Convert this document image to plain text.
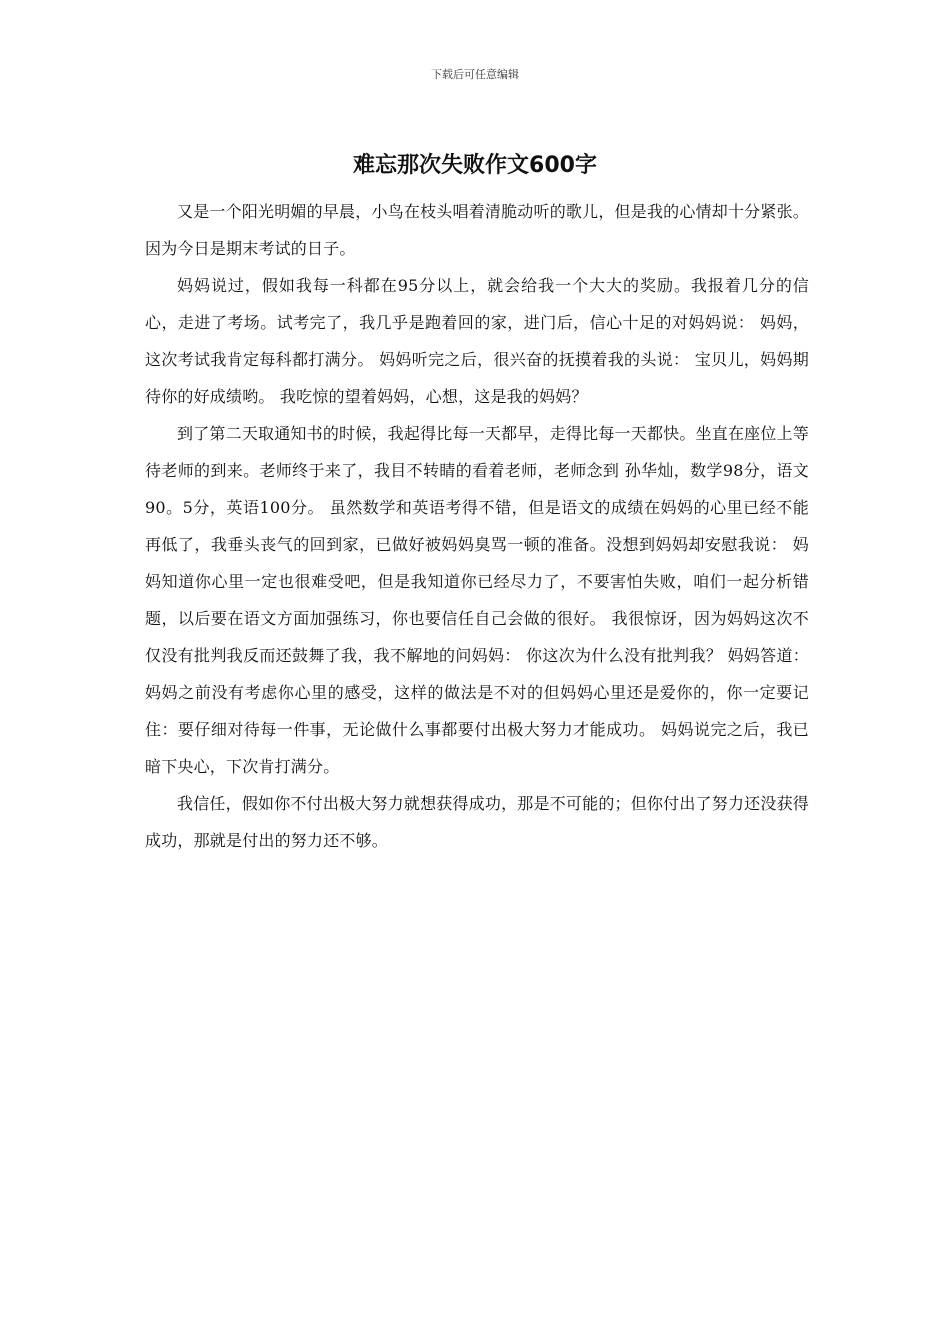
下载后可任意编辑
难忘那次失败作文600字

又是一个阳光明媚的早晨，小鸟在枝头唱着清脆动听的歌儿，但是我的心情却十分紧张。因为今日是期末考试的日子。

妈妈说过，假如我每一科都在95分以上，就会给我一个大大的奖励。我报着几分的信心，走进了考场。试考完了，我几乎是跑着回的家，进门后，信心十足的对妈妈说： 妈妈，这次考试我肯定每科都打满分。 妈妈听完之后，很兴奋的抚摸着我的头说： 宝贝儿，妈妈期待你的好成绩哟。 我吃惊的望着妈妈，心想，这是我的妈妈？

到了第二天取通知书的时候，我起得比每一天都早，走得比每一天都快。坐直在座位上等待老师的到来。老师终于来了，我目不转睛的看着老师，老师念到 孙华灿，数学98分，语文90。5分，英语100分。 虽然数学和英语考得不错，但是语文的成绩在妈妈的心里已经不能再低了，我垂头丧气的回到家，已做好被妈妈臭骂一顿的准备。没想到妈妈却安慰我说： 妈妈知道你心里一定也很难受吧，但是我知道你已经尽力了，不要害怕失败，咱们一起分析错题，以后要在语文方面加强练习，你也要信任自己会做的很好。 我很惊讶，因为妈妈这次不仅没有批判我反而还鼓舞了我，我不解地的问妈妈： 你这次为什么没有批判我？ 妈妈答道： 妈妈之前没有考虑你心里的感受，这样的做法是不对的但妈妈心里还是爱你的，你一定要记住：要仔细对待每一件事，无论做什么事都要付出极大努力才能成功。 妈妈说完之后，我已暗下央心，下次肯打满分。

我信任，假如你不付出极大努力就想获得成功，那是不可能的；但你付出了努力还没获得成功，那就是付出的努力还不够。
